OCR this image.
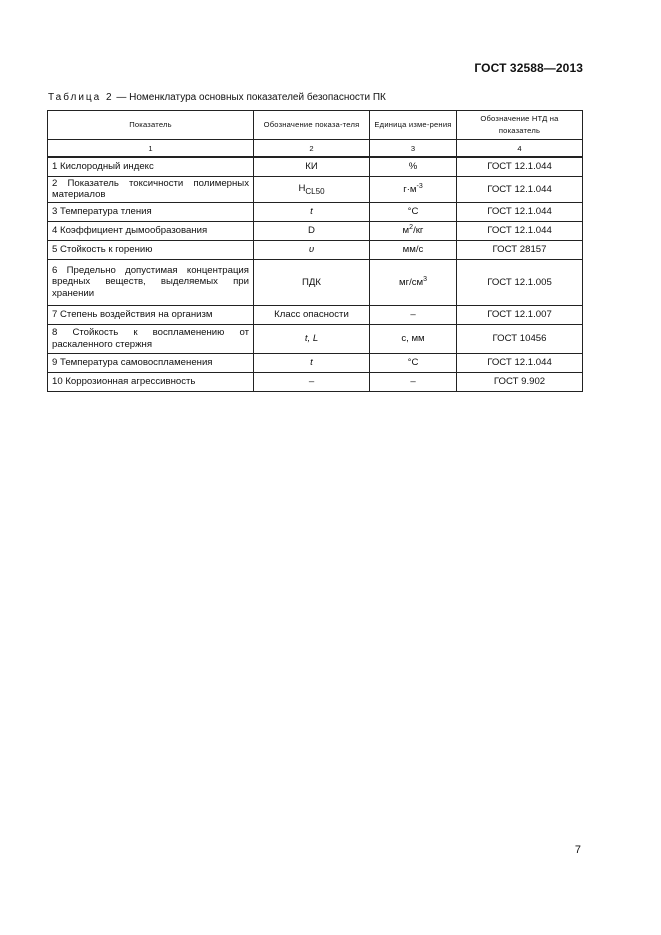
ГОСТ 32588—2013
Таблица 2 — Номенклатура основных показателей безопасности ПК
Показатель	Обозначение показа-теля	Единица изме-рения	Обозначение НТД на показатель
1	2	3	4
1 Кислородный индекс	КИ	%	ГОСТ 12.1.044
2 Показатель токсичности полимерных материалов	$H_{CL50}$	$г\cdot м^{-3}$	ГОСТ 12.1.044
3 Температура тления	t	°С	ГОСТ 12.1.044
4 Коэффициент дымообразования	D	$м^2/кг$	ГОСТ 12.1.044
5 Стойкость к горению	υ	мм/с	ГОСТ 28157
6 Предельно допустимая концентрация вредных веществ, выделяемых при хранении	ПДК	$мг/см^3$	ГОСТ 12.1.005
7 Степень воздействия на организм	Класс опасности	–	ГОСТ 12.1.007
8 Стойкость к воспламенению от раскаленного стержня	t, L	с, мм	ГОСТ 10456
9 Температура самовоспламенения	t	°С	ГОСТ 12.1.044
10 Коррозионная агрессивность	–	–	ГОСТ 9.902
7
